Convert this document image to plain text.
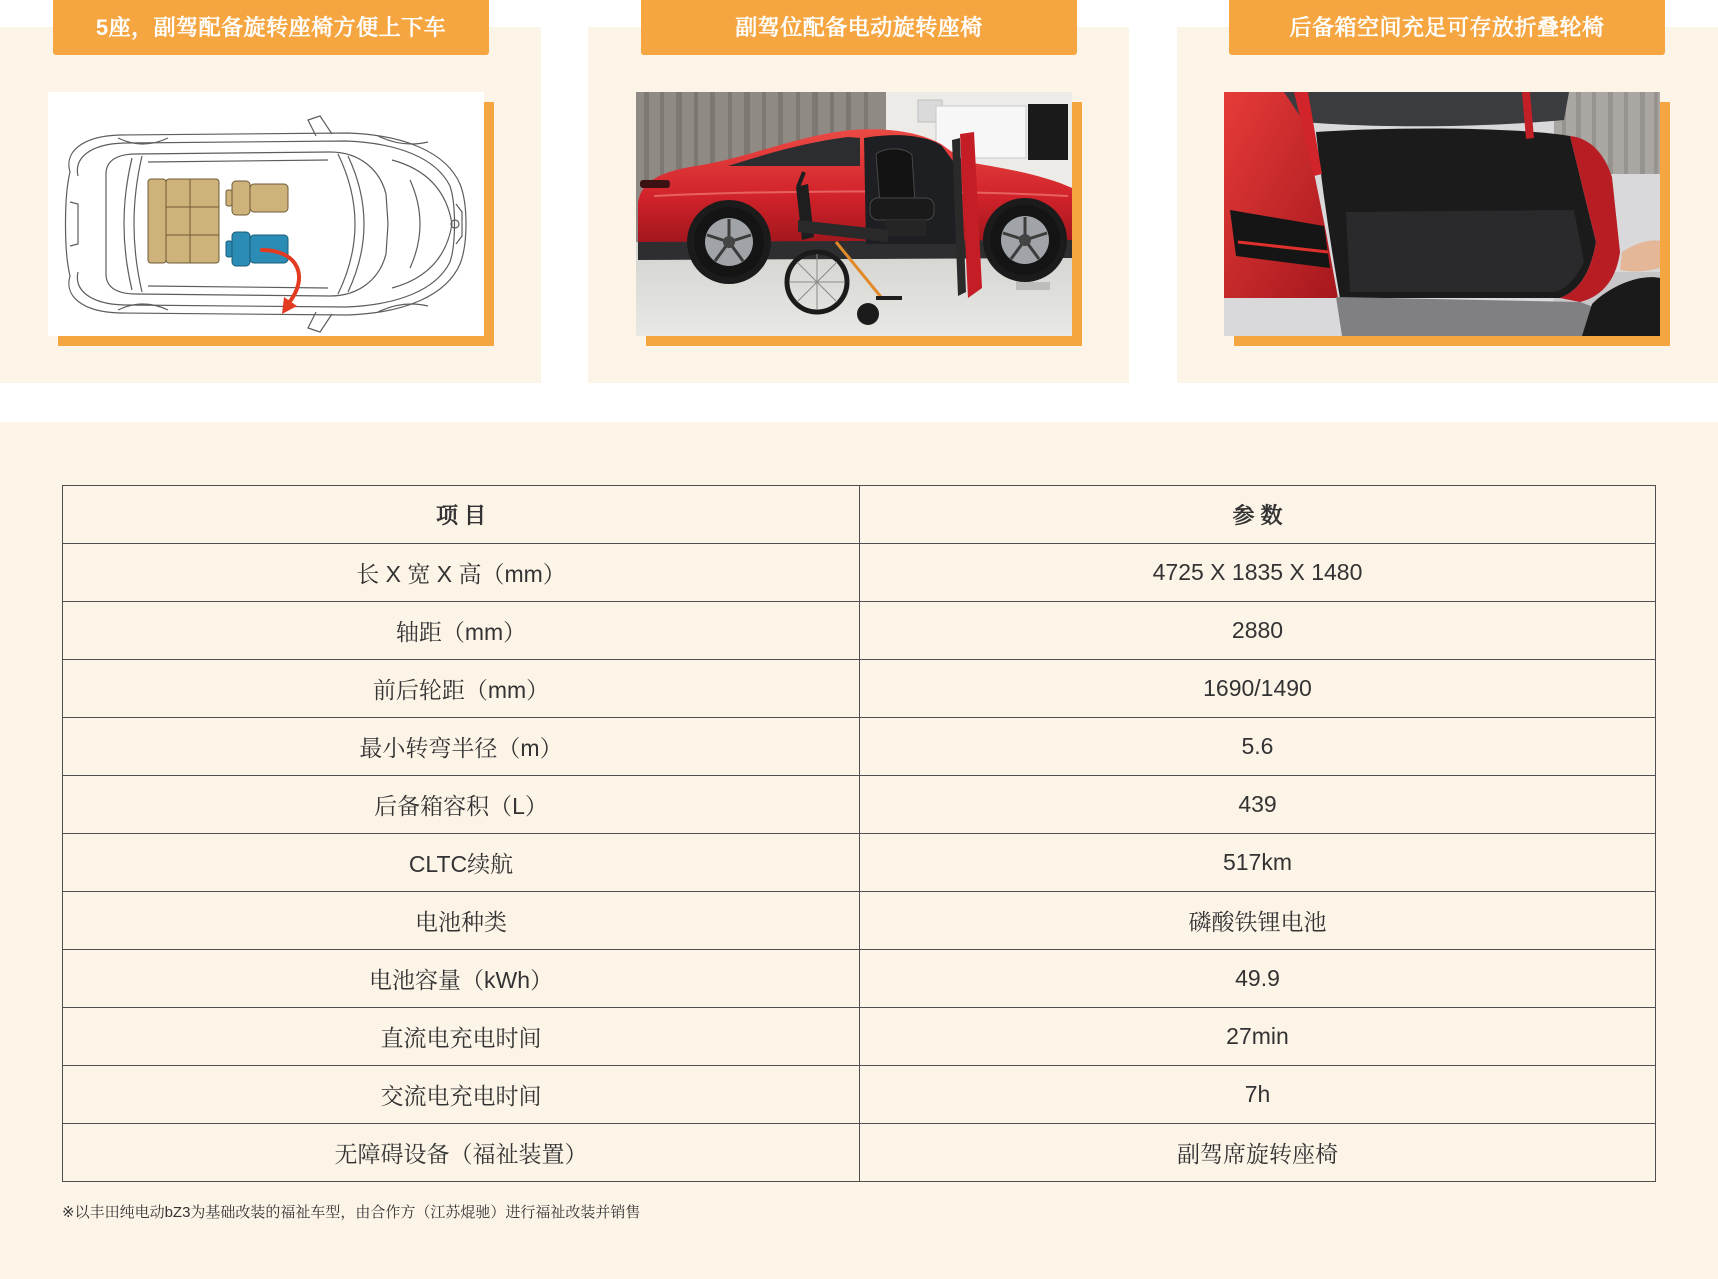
5座，副驾配备旋转座椅方便上下车	副驾位配备电动旋转座椅	后备箱空间充足可存放折叠轮椅
项 目	参 数
长 X 宽 X 高（mm）	4725 X 1835 X 1480
轴距（mm）	2880
前后轮距（mm）	1690/1490
最小转弯半径（m）	5.6
后备箱容积（L）	439
CLTC续航	517km
电池种类	磷酸铁锂电池
电池容量（kWh）	49.9
直流电充电时间	27min
交流电充电时间	7h
无障碍设备（福祉装置）	副驾席旋转座椅
※以丰田纯电动bZ3为基础改装的福祉车型，由合作方（江苏焜驰）进行福祉改装并销售
